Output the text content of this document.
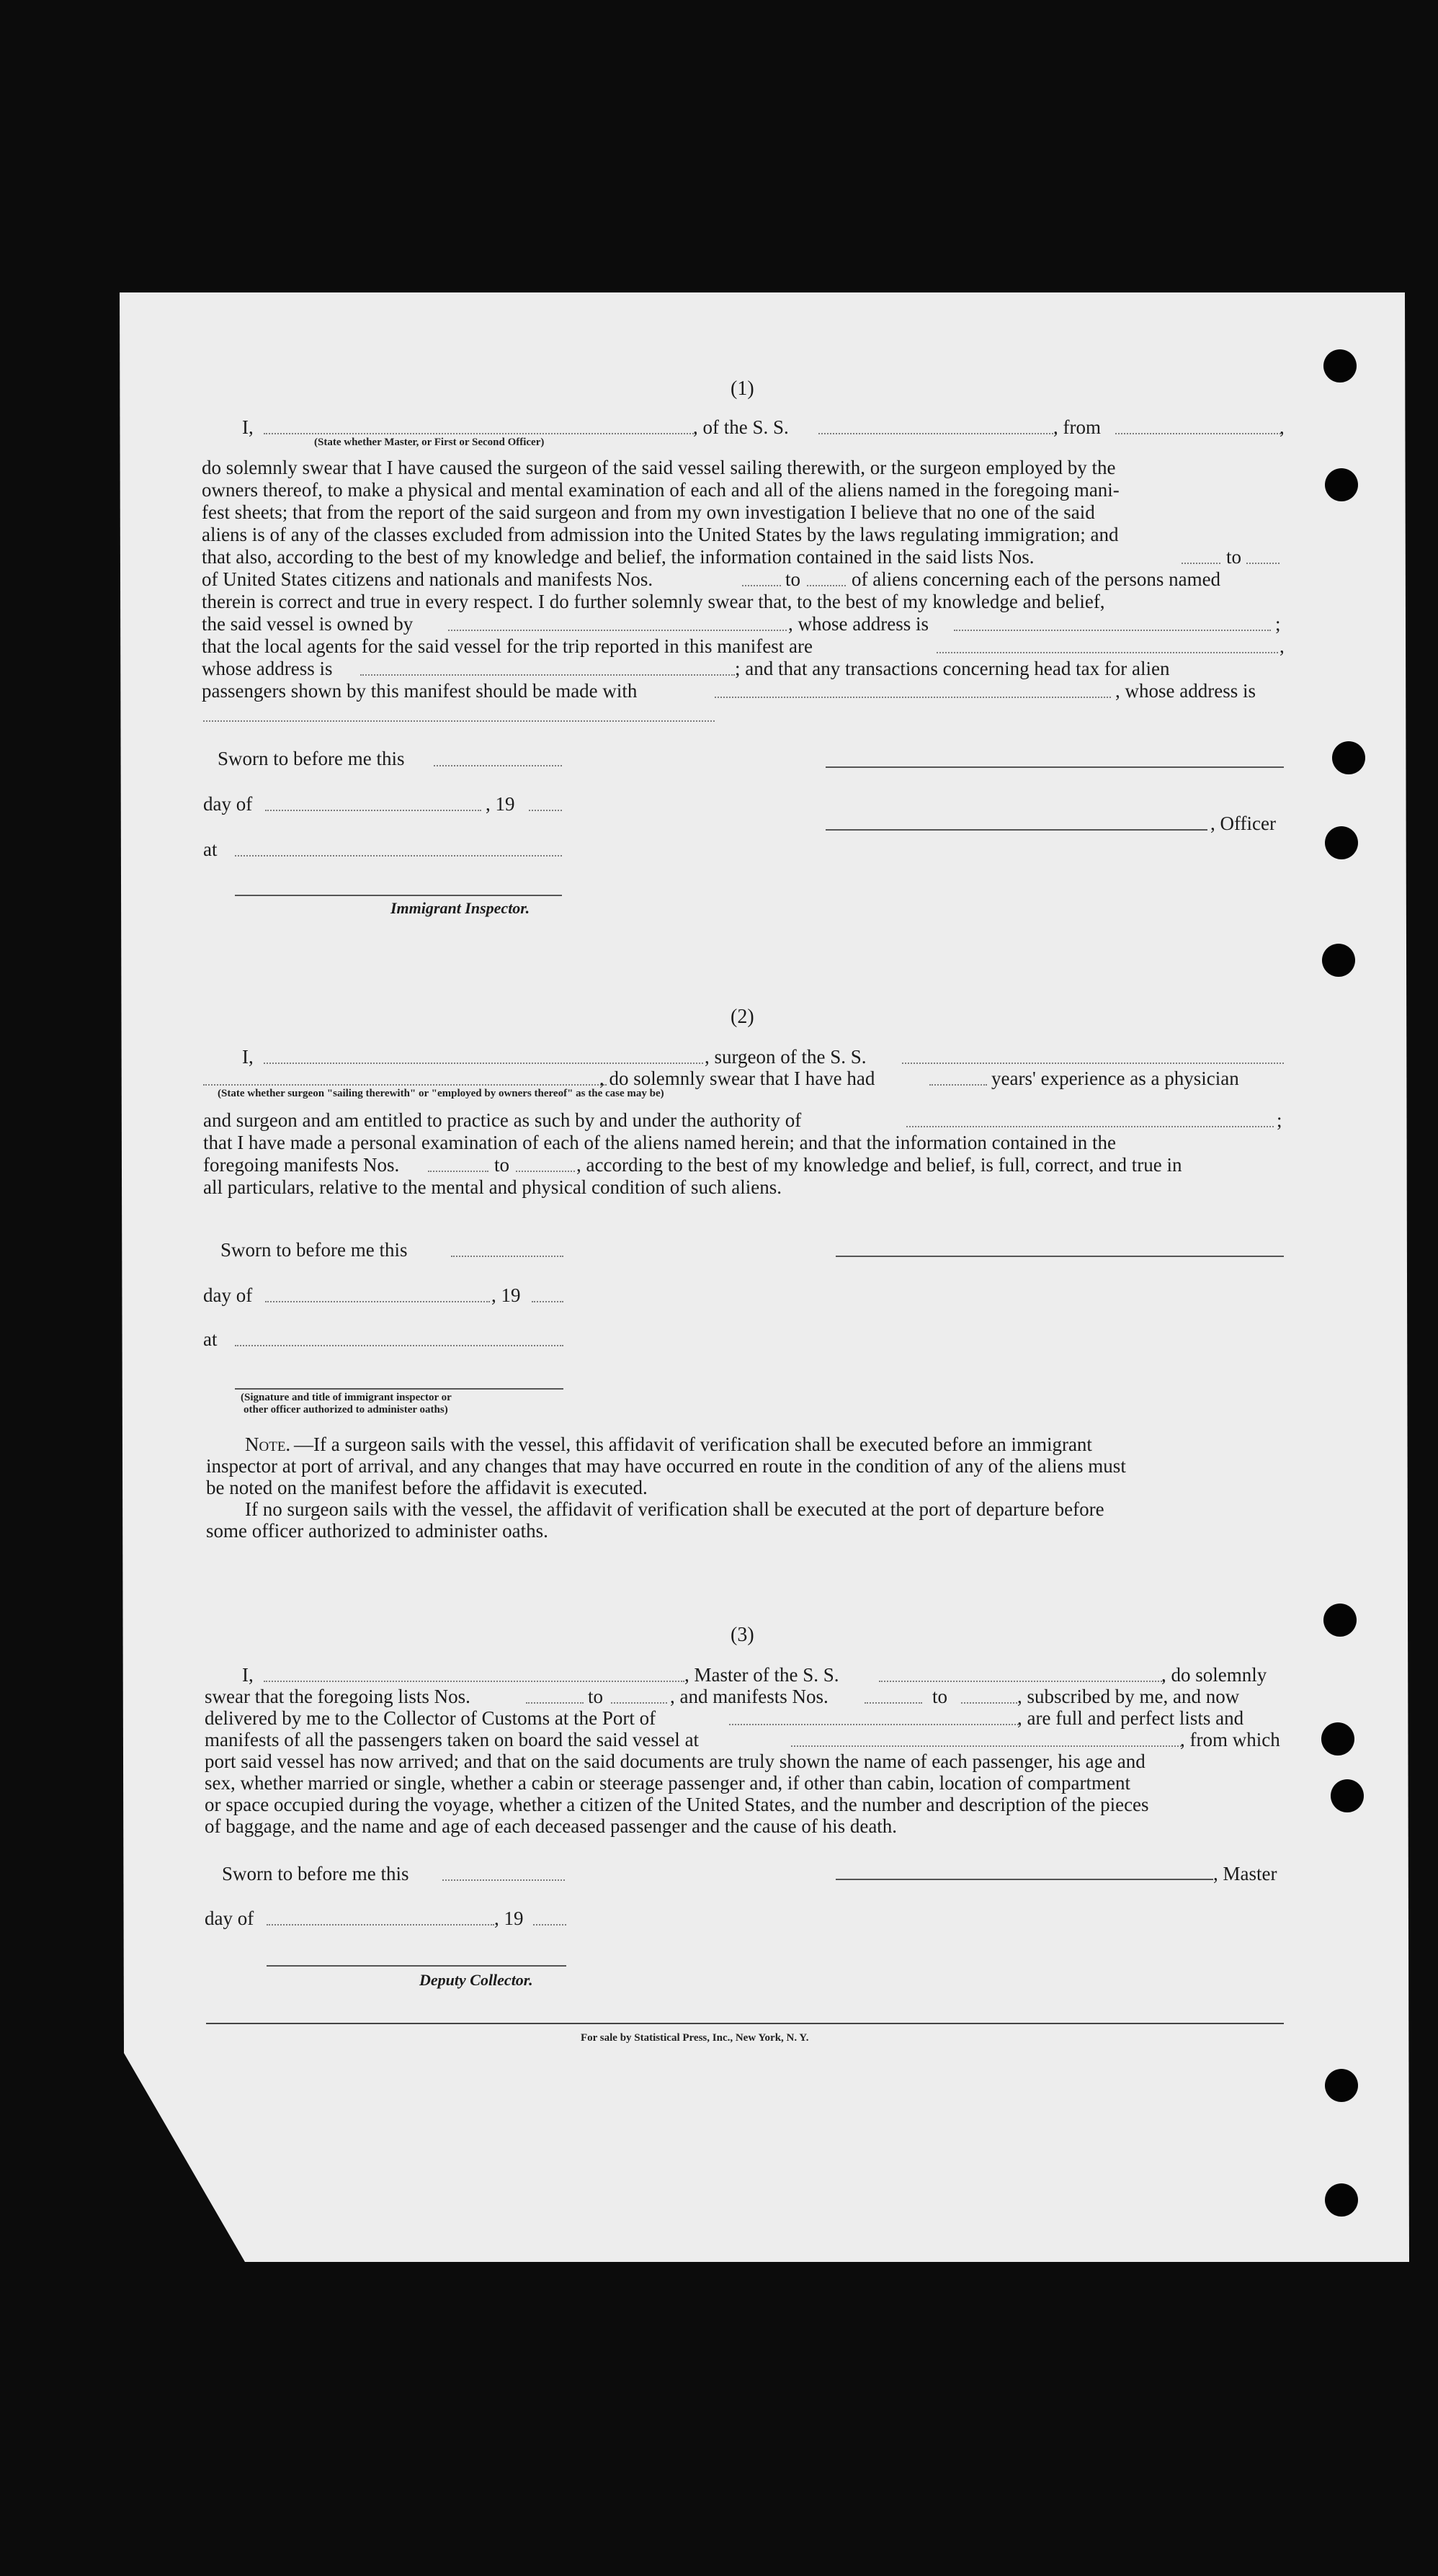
(1)
I,	, of the S. S.	, from	,
(State whether Master, or First or Second Officer)
do solemnly swear that I have caused the surgeon of the said vessel sailing therewith, or the surgeon employed by the
owners thereof, to make a physical and mental examination of each and all of the aliens named in the foregoing mani-
fest sheets; that from the report of the said surgeon and from my own investigation I believe that no one of the said
aliens is of any of the classes excluded from admission into the United States by the laws regulating immigration; and
that also, according to the best of my knowledge and belief, the information contained in the said lists Nos.	to
of United States citizens and nationals and manifests Nos.	to	of aliens concerning each of the persons named
therein is correct and true in every respect. I do further solemnly swear that, to the best of my knowledge and belief,
the said vessel is owned by	, whose address is	;
that the local agents for the said vessel for the trip reported in this manifest are	,
whose address is	; and that any transactions concerning head tax for alien
passengers shown by this manifest should be made with	, whose address is
Sworn to before me this
day of	, 19
, Officer
at
Immigrant Inspector.
(2)
I,	, surgeon of the S. S.
, do solemnly swear that I have had	years' experience as a physician
(State whether surgeon "sailing therewith" or "employed by owners thereof" as the case may be)
and surgeon and am entitled to practice as such by and under the authority of	;
that I have made a personal examination of each of the aliens named herein; and that the information contained in the
foregoing manifests Nos.	to	, according to the best of my knowledge and belief, is full, correct, and true in
all particulars, relative to the mental and physical condition of such aliens.
Sworn to before me this
day of	, 19
at
(Signature and title of immigrant inspector or
other officer authorized to administer oaths)
Note. —If a surgeon sails with the vessel, this affidavit of verification shall be executed before an immigrant
inspector at port of arrival, and any changes that may have occurred en route in the condition of any of the aliens must
be noted on the manifest before the affidavit is executed.
If no surgeon sails with the vessel, the affidavit of verification shall be executed at the port of departure before
some officer authorized to administer oaths.
(3)
I,	, Master of the S. S.	, do solemnly
swear that the foregoing lists Nos.	to	, and manifests Nos.	to	, subscribed by me, and now
delivered by me to the Collector of Customs at the Port of	, are full and perfect lists and
manifests of all the passengers taken on board the said vessel at	, from which
port said vessel has now arrived; and that on the said documents are truly shown the name of each passenger, his age and
sex, whether married or single, whether a cabin or steerage passenger and, if other than cabin, location of compartment
or space occupied during the voyage, whether a citizen of the United States, and the number and description of the pieces
of baggage, and the name and age of each deceased passenger and the cause of his death.
Sworn to before me this	, Master
day of	, 19
Deputy Collector.
For sale by Statistical Press, Inc., New York, N. Y.
